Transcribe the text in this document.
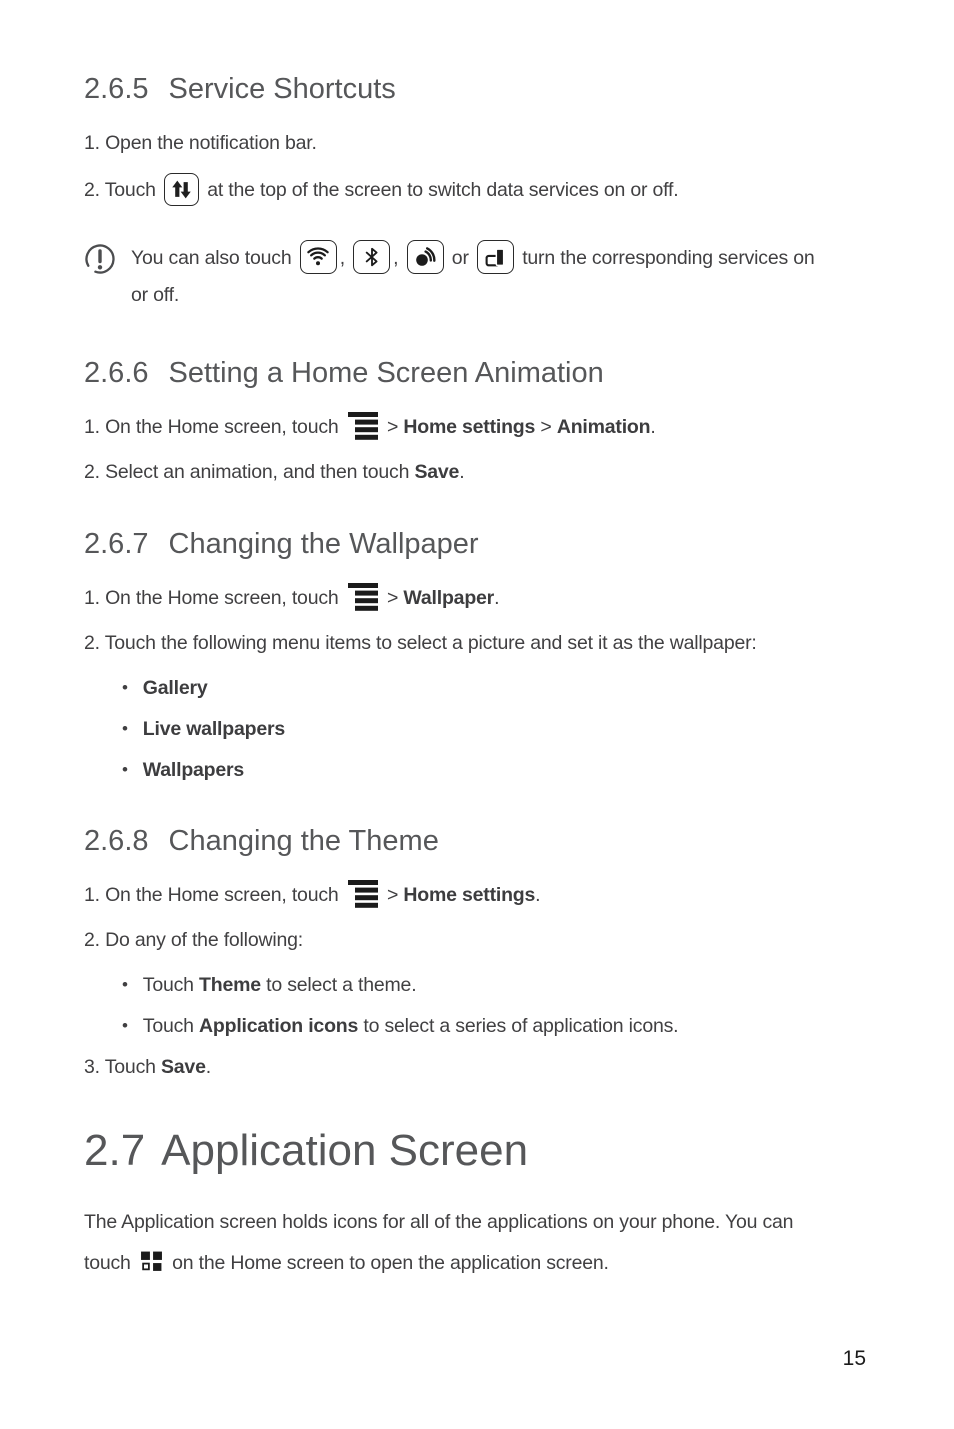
2.6.5 Service Shortcuts

1. Open the notification bar.

2. Touch	at the top of the screen to switch data services on or off.

You can also touch , ,	or	turn the corresponding services on
or off.
2.6.6 Setting a Home Screen Animation

1. On the Home screen, touch > Home settings > Animation.

2. Select an animation, and then touch Save.

2.6.7 Changing the Wallpaper

1. On the Home screen, touch > Wallpaper.

2. Touch the following menu items to select a picture and set it as the wallpaper:

• Gallery
• Live wallpapers
• Wallpapers
2.6.8 Changing the Theme

1. On the Home screen, touch > Home settings.

2. Do any of the following:

• Touch Theme to select a theme.
• Touch Application icons to select a series of application icons.

3. Touch Save.

2.7 Application Screen

The Application screen holds icons for all of the applications on your phone. You can
touch on the Home screen to open the application screen.

15
